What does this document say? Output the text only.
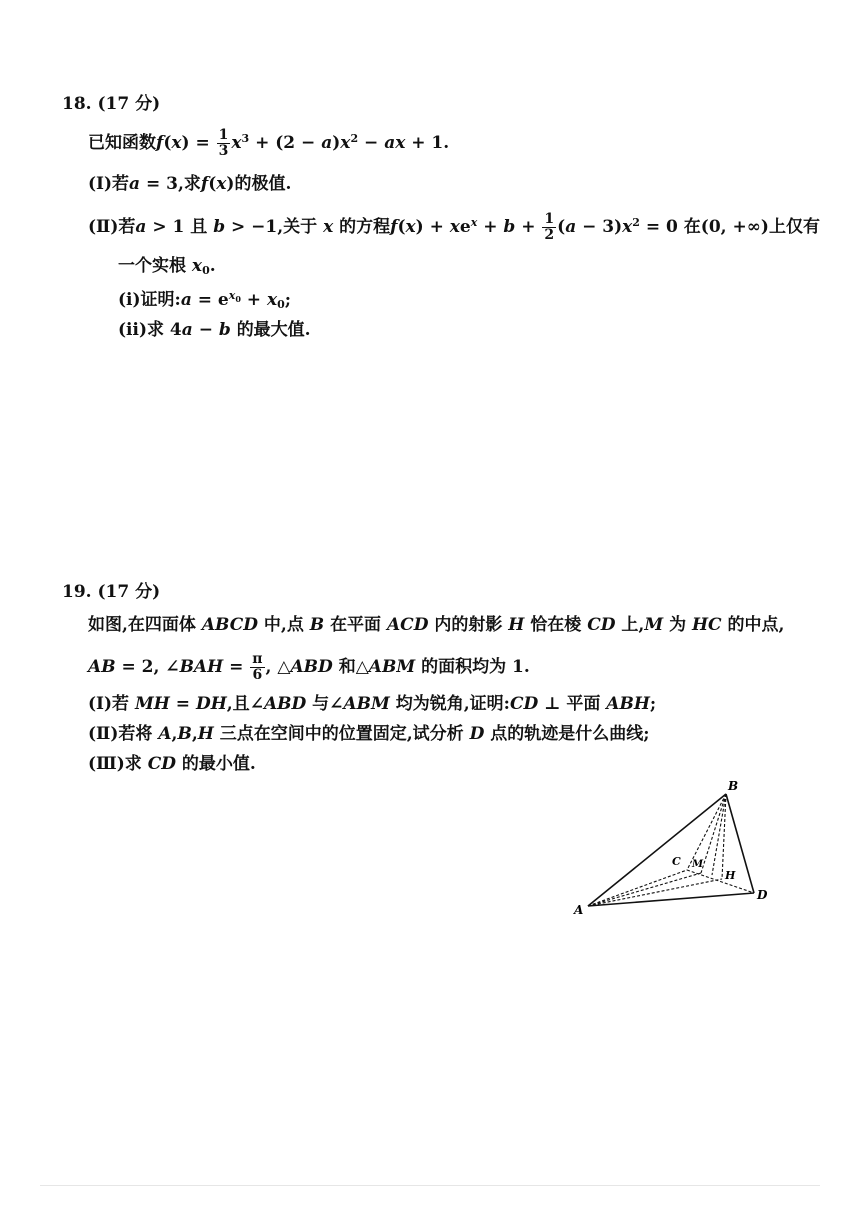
18. (17 分)
已知函数$f(x) = \frac{1}{3} x^3 + (2 - a)x^2$ − ax + 1.
(Ⅰ)若a = 3,求f(x)的极值.
(Ⅱ)若a > 1 且 b > −1,关于 x 的方程$f(x) + xe^x + b + \frac{1}{2} (a - 3)x^2 = 0$ 在(0, +∞)上仅有
一个实根 $x_0$.
(ⅰ)证明:a = $e^{x_0} + x_0$;
(ⅱ)求 4a − b 的最大值.
19. (17 分)
如图,在四面体 ABCD 中,点 B 在平面 ACD 内的射影 H 恰在棱 CD 上,M 为 HC 的中点,
AB = 2, ∠BAH = $\frac{\pi}{6}$ , △ABD 和△ABM 的面积均为 1.
(Ⅰ)若 MH = DH,且∠ABD 与∠ABM 均为锐角,证明:CD ⊥ 平面 ABH;
(Ⅱ)若将 A,B,H 三点在空间中的位置固定,试分析 D 点的轨迹是什么曲线;
(Ⅲ)求 CD 的最小值.
A
B
C
D
H
M
